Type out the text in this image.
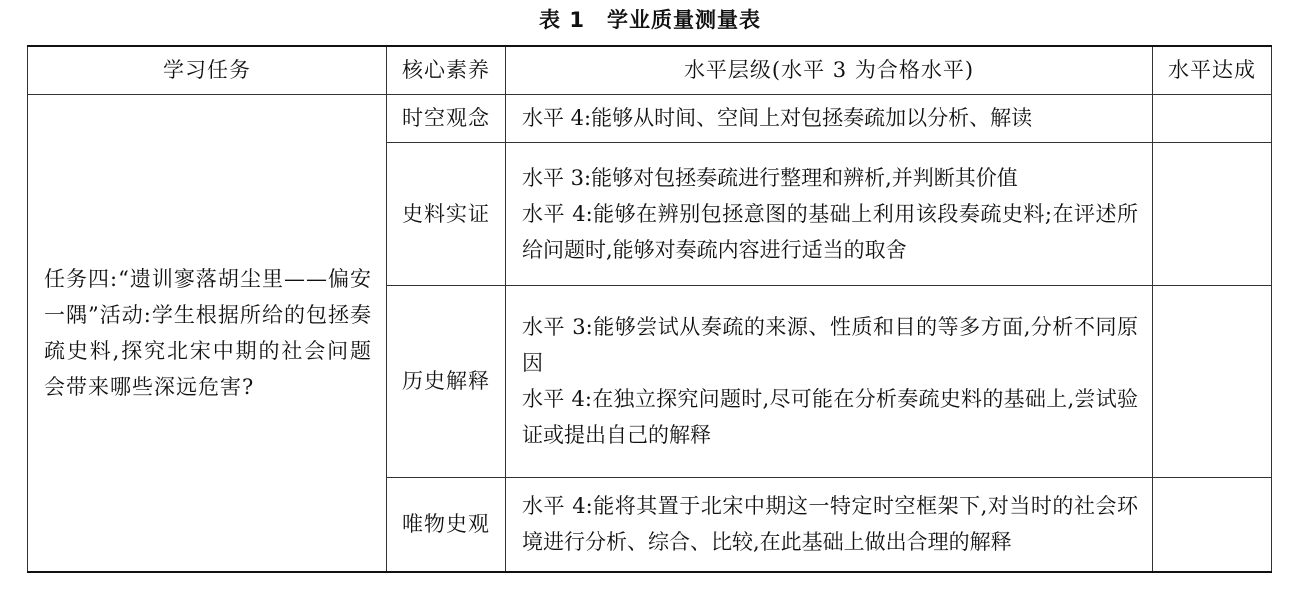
表 1 学业质量测量表
学习任务	核心素养	水平层级(水平 3 为合格水平)	水平达成
任务四:“遗训寥落胡尘里——偏安一隅”活动:学生根据所给的包拯奏疏史料,探究北宋中期的社会问题会带来哪些深远危害?	时空观念	水平 4:能够从时间、空间上对包拯奏疏加以分析、解读	

	史料实证	水平 3:能够对包拯奏疏进行整理和辨析,并判断其价值
水平 4:能够在辨别包拯意图的基础上利用该段奏疏史料;在评述所给问题时,能够对奏疏内容进行适当的取舍	

	历史解释	水平 3:能够尝试从奏疏的来源、性质和目的等多方面,分析不同原因
水平 4:在独立探究问题时,尽可能在分析奏疏史料的基础上,尝试验证或提出自己的解释	

	唯物史观	水平 4:能将其置于北宋中期这一特定时空框架下,对当时的社会环境进行分析、综合、比较,在此基础上做出合理的解释	
